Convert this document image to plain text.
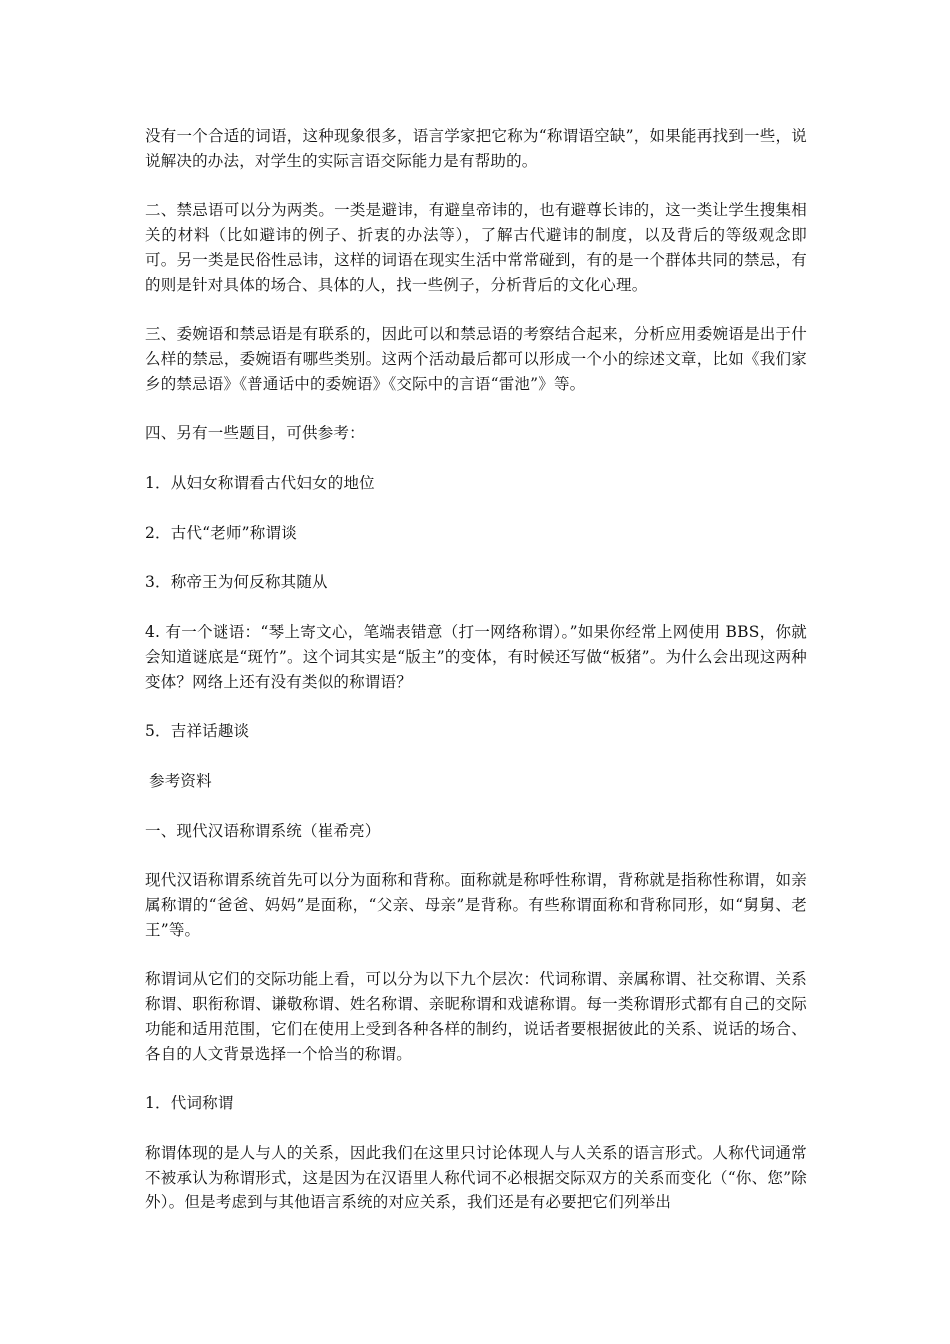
没有一个合适的词语，这种现象很多，语言学家把它称为“称谓语空缺”，如果能再找到一些，说说解决的办法，对学生的实际言语交际能力是有帮助的。

二、禁忌语可以分为两类。一类是避讳，有避皇帝讳的，也有避尊长讳的，这一类让学生搜集相关的材料（比如避讳的例子、折衷的办法等），了解古代避讳的制度，以及背后的等级观念即可。另一类是民俗性忌讳，这样的词语在现实生活中常常碰到，有的是一个群体共同的禁忌，有的则是针对具体的场合、具体的人，找一些例子，分析背后的文化心理。

三、委婉语和禁忌语是有联系的，因此可以和禁忌语的考察结合起来，分析应用委婉语是出于什么样的禁忌，委婉语有哪些类别。这两个活动最后都可以形成一个小的综述文章，比如《我们家乡的禁忌语》《普通话中的委婉语》《交际中的言语“雷池”》等。

四、另有一些题目，可供参考：

1．从妇女称谓看古代妇女的地位

2．古代“老师”称谓谈

3．称帝王为何反称其随从

4. 有一个谜语：“琴上寄文心，笔端表错意（打一网络称谓）。”如果你经常上网使用 BBS，你就会知道谜底是“斑竹”。这个词其实是“版主”的变体，有时候还写做“板猪”。为什么会出现这两种变体？网络上还有没有类似的称谓语？

5．吉祥话趣谈

参考资料

一、现代汉语称谓系统（崔希亮）

现代汉语称谓系统首先可以分为面称和背称。面称就是称呼性称谓，背称就是指称性称谓，如亲属称谓的“爸爸、妈妈”是面称，“父亲、母亲”是背称。有些称谓面称和背称同形，如“舅舅、老王”等。

称谓词从它们的交际功能上看，可以分为以下九个层次：代词称谓、亲属称谓、社交称谓、关系称谓、职衔称谓、谦敬称谓、姓名称谓、亲昵称谓和戏谑称谓。每一类称谓形式都有自己的交际功能和适用范围，它们在使用上受到各种各样的制约，说话者要根据彼此的关系、说话的场合、各自的人文背景选择一个恰当的称谓。

1．代词称谓

称谓体现的是人与人的关系，因此我们在这里只讨论体现人与人关系的语言形式。人称代词通常不被承认为称谓形式，这是因为在汉语里人称代词不必根据交际双方的关系而变化（“你、您”除外）。但是考虑到与其他语言系统的对应关系，我们还是有必要把它们列举出
